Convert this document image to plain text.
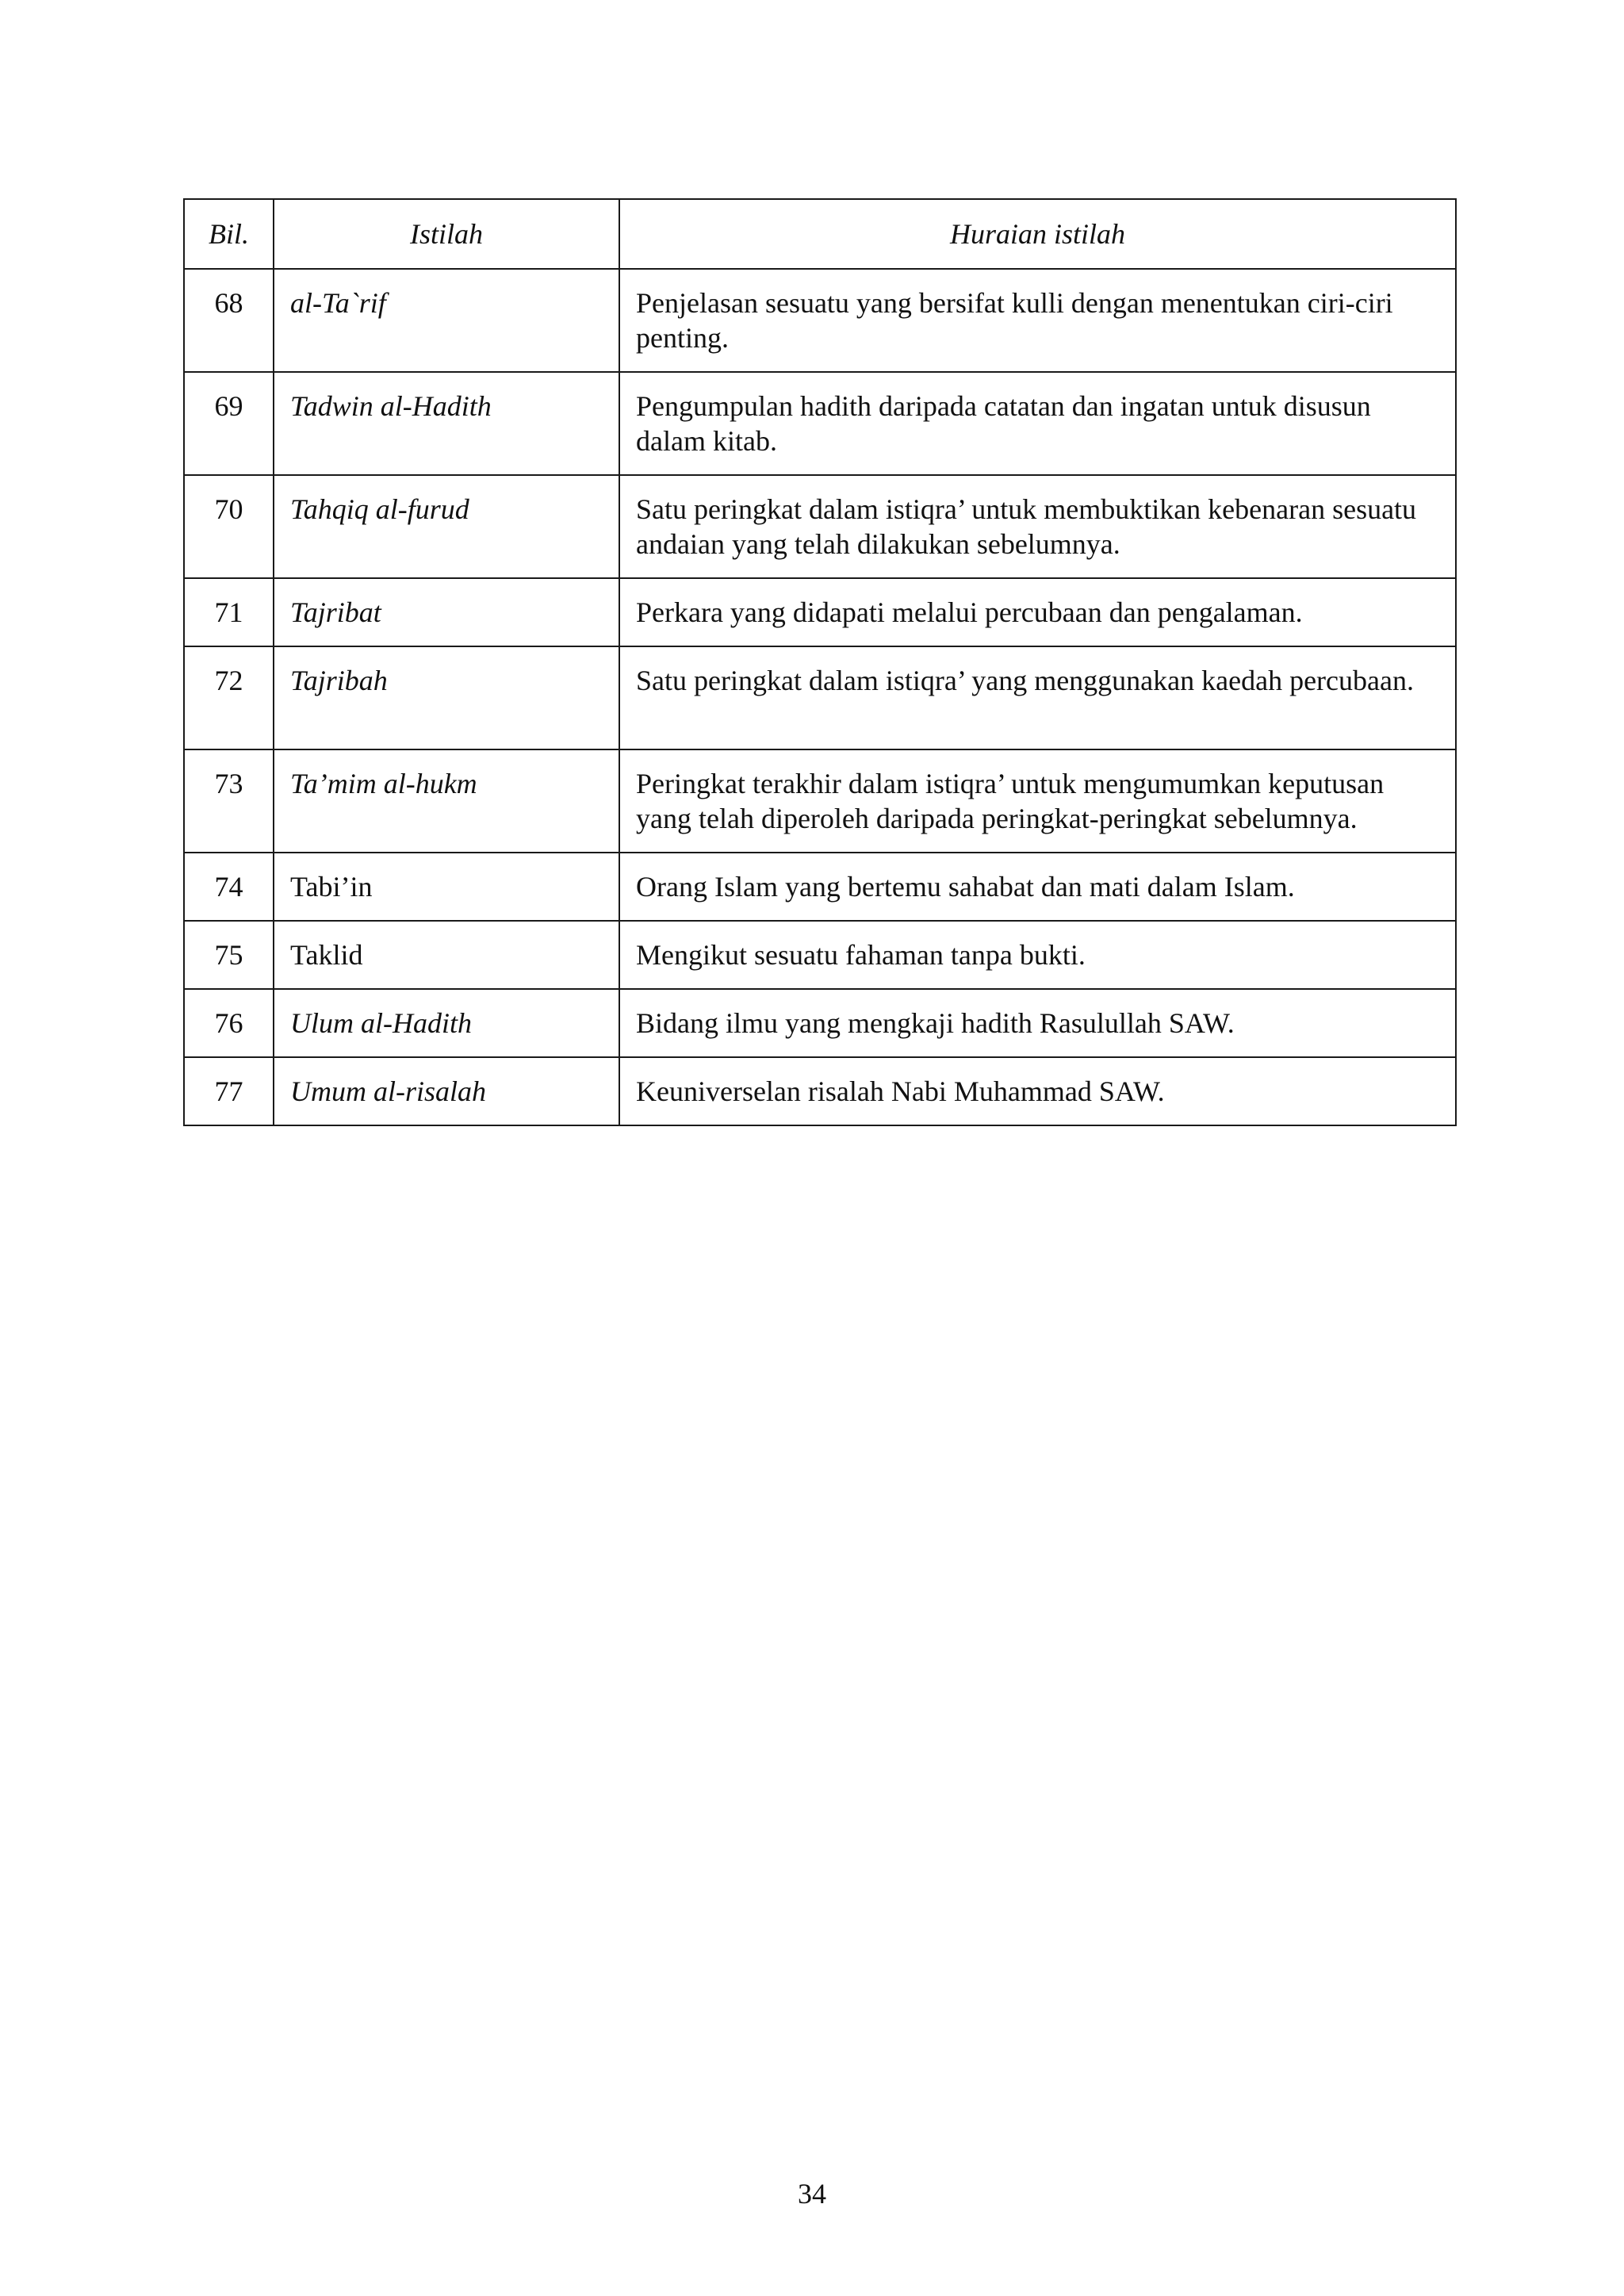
Bil.	Istilah	Huraian istilah
68	al-Ta`rif	Penjelasan sesuatu yang bersifat kulli dengan menentukan ciri-ciri penting.
69	Tadwin al-Hadith	Pengumpulan hadith daripada catatan dan ingatan untuk disusun dalam kitab.
70	Tahqiq al-furud	Satu peringkat dalam istiqra’ untuk membuktikan kebenaran sesuatu andaian yang telah dilakukan sebelumnya.
71	Tajribat	Perkara yang didapati melalui percubaan dan pengalaman.
72	Tajribah	Satu peringkat dalam istiqra’ yang menggunakan kaedah percubaan.
73	Ta’mim al-hukm	Peringkat terakhir dalam istiqra’ untuk mengumumkan keputusan yang telah diperoleh daripada peringkat-peringkat sebelumnya.
74	Tabi’in	Orang Islam yang bertemu sahabat dan mati dalam Islam.
75	Taklid	Mengikut sesuatu fahaman tanpa bukti.
76	Ulum al-Hadith	Bidang ilmu yang mengkaji hadith Rasulullah SAW.
77	Umum al-risalah	Keuniverselan risalah Nabi Muhammad SAW.
34
